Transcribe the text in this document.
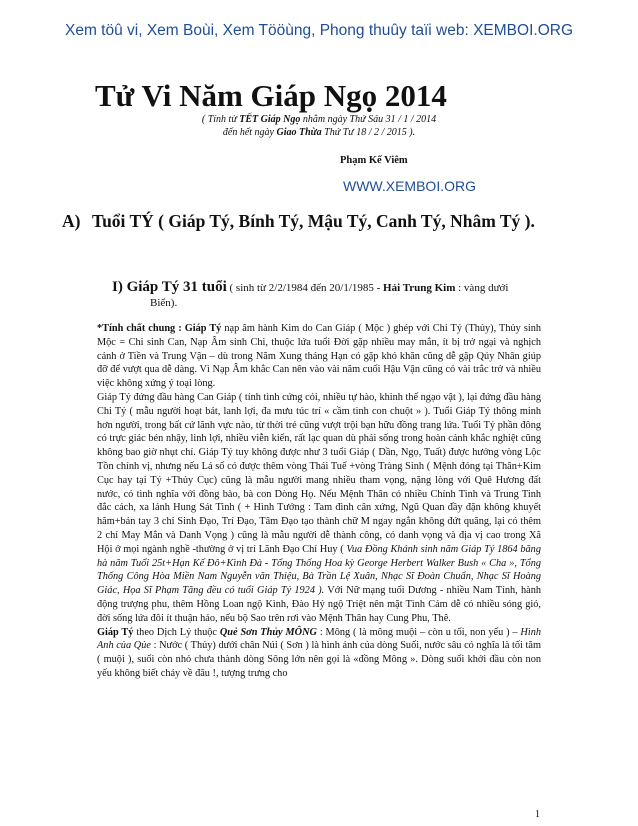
Xem töû vi, Xem Boùi, Xem Tööùng, Phong thuûy taïi web: XEMBOI.ORG
Tử Vi Năm Giáp Ngọ 2014
( Tính từ TẾT Giáp Ngọ nhằm ngày Thứ Sáu 31 / 1 / 2014
đến hết ngày Giao Thừa Thứ Tư 18 / 2 / 2015 ).
Phạm Kế Viêm
WWW.XEMBOI.ORG
A) Tuổi TÝ ( Giáp Tý, Bính Tý, Mậu Tý, Canh Tý, Nhâm Tý ).
I) Giáp Tý 31 tuổi ( sinh từ 2/2/1984 đến 20/1/1985 - Hải Trung Kim : vàng dưới
Biển).

*Tính chất chung : Giáp Tý nạp âm hành Kim do Can Giáp ( Mộc ) ghép với Chi Tý (Thủy), Thủy sinh Mộc = Chi sinh Can, Nạp Âm sinh Chi, thuộc lứa tuổi Đời gặp nhiều may mắn, ít bị trở ngại và nghịch cảnh ở Tiền và Trung Vận – dù trong Năm Xung tháng Hạn có gặp khó khăn cũng dễ gặp Qúy Nhân giúp đỡ để vượt qua dễ dàng. Vì Nạp Âm khắc Can nên vào vài năm cuối Hậu Vận cũng có vài trắc trở và nhiều việc không xứng ý toại lòng.

Giáp Tý đứng đầu hàng Can Giáp ( tính tình cứng cỏi, nhiều tự hào, khinh thế ngạo vật ), lại đứng đầu hàng Chi Tý ( mẫu người hoạt bát, lanh lợi, đa mưu túc trí « cầm tinh con chuột » ). Tuổi Giáp Tý thông minh hơn người, trong bất cứ lãnh vực nào, từ thời trẻ cũng vượt trội bạn hữu đồng trang lứa. Tuổi Tý phần đông có trực giác bén nhậy, linh lợi, nhiều viễn kiến, rất lạc quan dù phải sống trong hoàn cảnh khắc nghiệt cũng không bao giờ nhụt chí. Giáp Tý tuy không được như 3 tuổi Giáp ( Dần, Ngọ, Tuất) được hưởng vòng Lộc Tồn chính vị, nhưng nếu Lá số có được thêm vòng Thái Tuế +vòng Tràng Sinh ( Mệnh đóng tại Thân+Kim Cục hay tại Tý +Thủy Cục) cũng là mẫu người mang nhiều tham vọng, nặng lòng với Quê Hương đất nước, có tình nghĩa với đồng bào, bà con Dòng Họ. Nếu Mệnh Thân có nhiều Chính Tinh và Trung Tinh đắc cách, xa lánh Hung Sát Tinh ( + Hình Tướng : Tam đình cân xứng, Ngũ Quan đầy đặn không khuyết hãm+bản tay 3 chỉ Sinh Đạo, Trí Đạo, Tâm Đạo tạo thành chữ M ngay ngắn không đứt quãng, lại có thêm 2 chỉ May Mắn và Danh Vọng ) cũng là mẫu người dễ thành công, có danh vọng và địa vị cao trong Xã Hội ở mọi ngành nghề -thường ở vị trí Lãnh Đạo Chỉ Huy ( Vua Đồng Khánh sinh năm Giáp Tý 1864 băng hà năm Tuổi 25t+Hạn Kế Đô+Kình Đà - Tổng Thống Hoa kỳ George Herbert Walker Bush « Cha », Tổng Thống Công Hòa Miền Nam Nguyễn văn Thiệu, Bà Trần Lệ Xuân, Nhạc Sĩ Đoàn Chuẩn, Nhạc Sĩ Hoàng Giác, Họa Sĩ Phạm Tăng đều có tuổi Giáp Tý 1924 ). Với Nữ mạng tuổi Dương - nhiều Nam Tính, hành động trượng phu, thêm Hồng Loan ngộ Kình, Đào Hỷ ngộ Triệt nên mặt Tình Cảm dễ có nhiều sóng gió, đời sống lứa đôi ít thuận hảo, nếu bộ Sao trên rơi vào Mệnh Thân hay Cung Phu, Thê.

Giáp Tý theo Dịch Lý thuộc Quẻ Sơn Thủy MÔNG : Mông ( là mông muội – còn u tối, non yếu ) – Hình Anh của Qủe : Nước ( Thủy) dưới chân Núi ( Sơn ) là hình ảnh của dòng Suối, nước sâu có nghĩa là tối tăm ( muội ), suối còn nhỏ chưa thành dòng Sông lớn nên gọi là «đồng Mông ». Dòng suối khởi đầu còn non yếu không biết chảy về đâu !, tượng trưng cho

1
